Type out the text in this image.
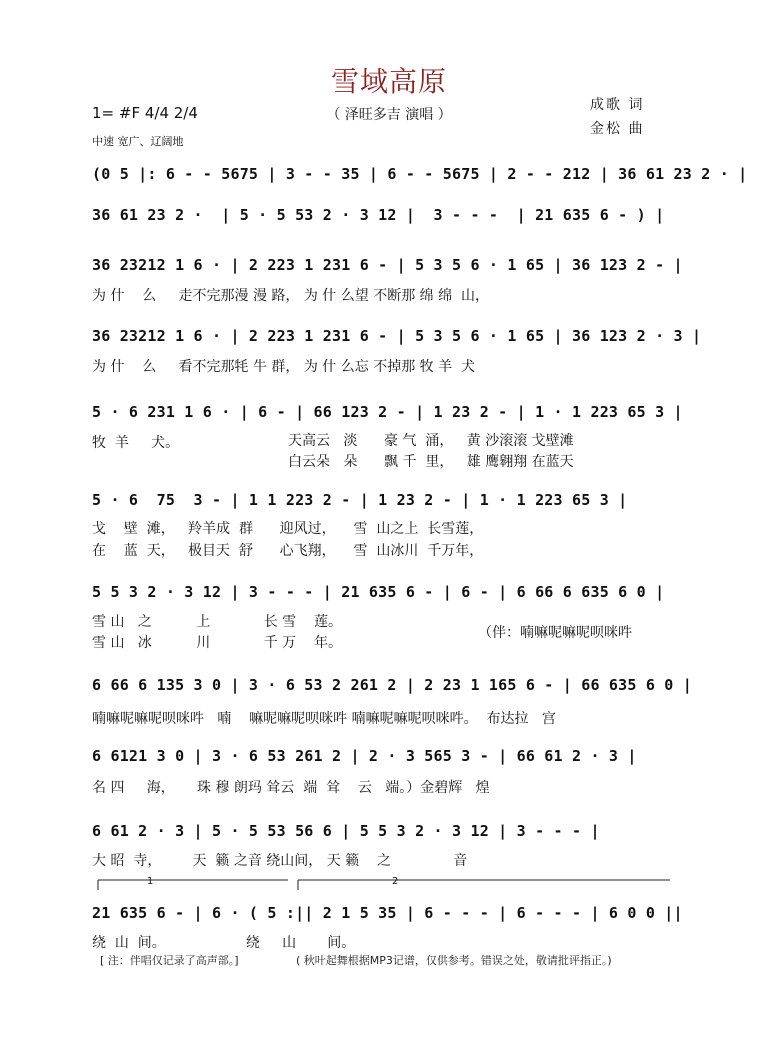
雪域高原
（ 泽旺多吉 演唱 ）
1= #F 4/4 2/4
中速 宽广、辽阔地
成歌 词
金松 曲
(0 5 |: 6 - - 5675 | 3 - - 35 | 6 - - 5675 | 2 - - 212 | 36 61 23 2 · |
36 61 23 2 ·  | 5 · 5 53 2 · 3 12 |  3 - - -  | 21 635 6 - ) |
36 23212 1 6 · | 2 223 1 231 6 - | 5 3 5 6 · 1 65 | 36 123 2 - |
为 什    么     走不完那漫 漫 路， 为 什 么望 不断那 绵 绵  山，
36 23212 1 6 · | 2 223 1 231 6 - | 5 3 5 6 · 1 65 | 36 123 2 · 3 |
为 什    么     看不完那牦 牛 群， 为 什 么忘 不掉那 牧 羊  犬
5 · 6 231 1 6 · | 6 - | 66 123 2 - | 1 23 2 - | 1 · 1 223 65 3 |
牧  羊     犬。	天高云   淡      豪 气  涌，   黄 沙滚滚 戈壁滩
白云朵   朵      飘 千  里，   雄 鹰翱翔 在蓝天
5 · 6  75  3 - | 1 1 223 2 - | 1 23 2 - | 1 · 1 223 65 3 |
戈    壁  滩，   羚羊成  群      迎风过，    雪  山之上  长雪莲，
在    蓝  天，   极目天  舒      心飞翔，    雪  山冰川  千万年，
5 5 3 2 · 3 12 | 3 - - - | 21 635 6 - | 6 - | 6 66 6 635 6 0 |
雪 山   之          上            长 雪    莲。
雪 山   冰          川            千 万    年。
（伴：喃嘛呢嘛呢呗咪吽
6 66 6 135 3 0 | 3 · 6 53 2 261 2 | 2 23 1 165 6 - | 66 635 6 0 |
喃嘛呢嘛呢呗咪吽   喃    嘛呢嘛呢呗咪吽 喃嘛呢嘛呢呗咪吽。  布达拉   宫
6 6121 3 0 | 3 · 6 53 261 2 | 2 · 3 565 3 - | 66 61 2 · 3 |
名 四     海，     珠 穆 朗玛 耸云  端  耸    云   端。）金碧辉   煌
6 61 2 · 3 | 5 · 5 53 56 6 | 5 5 3 2 · 3 12 | 3 - - - |
大 昭  寺，       天  籁 之音 绕山间， 天 籁    之              音
1	2
21 635 6 - | 6 · ( 5 :|| 2 1 5 35 | 6 - - - | 6 - - - | 6 0 0 ||
绕  山  间。                  绕     山       间。
[ 注：伴唱仅记录了高声部。]	( 秋叶起舞根据MP3记谱，仅供参考。错误之处，敬请批评指正。)
